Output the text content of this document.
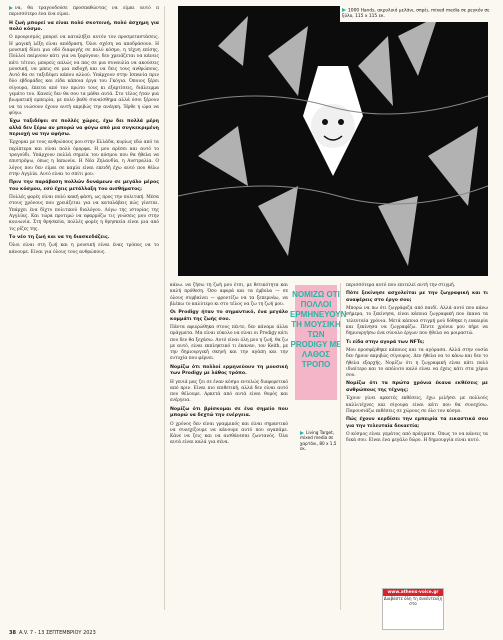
να, θα τραγουδούσε προσπαθώντας να είμαι αυτό π περισσότερο ένα ένα είμαι.

Η ζωή μπορεί να είναι πολύ σκοτεινή, πολύ άσχημη για πολύ κόσμο.

Ο προορισμός μπορεί να καταλήξει αυτόν τον προσμεταστάσεις. Η μαγική λέξη είναι απόδραση. Όλοι σχέση να αποδράσουν. Η μουσική δίνει μια οδό διαφυγής σε πολύ κόσμο, η τέχνη επίσης. Πολλοί παίρνουν κάτι για να ξεφύγουν, δεν χρειάζεται να κάνεις κάτι τέτοιο, μπορείς απλώς να πας σε μια συναυλία να ακούσεις μουσική, να μπεις σε μια εκδοχή και να δεις τους ανθρώπους. Αυτό θα σε ταξιδέψει κάπου αλλού. Υπάρχουν στην Ισπανία πριν δύο εβδομάδες και είδα κάποια έργα του Γκόγια. Όποιος ξέρει σίγουρα, έπειτα από τον πρώτο τους κι εξαρτίσεις, διάλειμμα γεμάτο του. Κανείς δεν θα σου τα μάθει αυτά. Στο τέλος ήταν μια βιωματική εμπειρία, με πολύ βαθύ συναίσθημα αλλά όσοι ξέρουν να τα νιώσουν έχουν αυτή ακριβώς την ανάγκη. Ήρθε η ώρα να φύγω.

Έχω ταξιδέψει σε πολλές χώρες, έχω δει πολλά μέρη αλλά δεν ξέρω αν μπορώ να φύγω από μια συγκεκριμένη περιοχή να την αφήσω.

Έρχομαι με τους ανθρώπους μου στην Ελλάδα, κυρίως εδώ από τα περίπτερα και είναι πολύ όμορφα. Η μου αρέσει και αυτό το τραγούδι. Υπάρχουν πολλά σημεία του κόσμου που θα ήθελα να επιστρέψω, όπως η Ιαπωνία. Η Νέα Ζηλανδία, η Αυστραλία. Ο λόγος που δεν είμαι σε καμία είναι επειδή έχω αυτό που θέλω στην Αγγλία. Αυτό είναι το σπίτι μου.

Πριν την παράβαση πολλών δυνάμεων σε μεγάλο μέρος του κόσμου, εσύ έχεις μετάλλαξη του αισθήματος;

Πολλές φορές είναι πολύ κακή φάση, ως προς την πολιτική. Μέσα στους χρόνους που χρειάζεται για να καταλάβεις πώς γίνεται. Υπάρχει ένα δίχτυ πολιτικού διαλόγου. Λόγω της ιστορίας της Αγγλίας. Και τώρα προτιμώ να εφαρμόζω τις γνώσεις μου στην κοινωνία. Στη θρησκεία, πολλές φορές η θρησκεία είναι μια από τις ρίζες της.

Το νέο τη ζωή και να τη διασκεδάζεις.

Όλοι είναι στη ζωή και η μουσική είναι ένας τρόπος να το κάνουμε. Είναι για όλους τους ανθρώπους.

1000 Hands, ακρυλικό μελάνι, σπρέι, mixed media σε ρεγκόν σε ξύλο, 115 x 115 εκ.

κάνω. να ζήσω τη ζωή μου έτσι, με θετικότητα και καλή πρόθεση. Όσο αφορά και τα έμβολα — σε όλους συμβαίνει — φροντίζω να τα ξεπερνάω, να βλέπω το καλύτερο κι στο τέλος να ζω τη ζωή μου.

Οι Prodigy ήταν το σημαντικό, ένα μεγάλο κομμάτι της ζωής σου.

Πάντα αφιερώθηκα στους πέντε, δεν κάναμε άλλα πράγματα. Μα είναι εύκολο να είναι οι Prodigy κάτι που δεν θα ξεχάσω. Αυτό είναι όλη μου η ζωή, θα ζω με αυτό, είναι εκπληκτικό τι έκαναν, τον Keith, με την δημιουργική σκηνή και την αγάπη και την ευτυχία που φέρνει.

Νομίζω ότι πολλοί ερμηνεύουν τη μουσική των Prodigy με λάθος τρόπο.

Η γενιά μας ζει σε έναν κόσμο εντελώς διαφορετικό από πριν. Είναι πιο επιθετική, αλλά δεν είναι αυτό που θέλουμε. Αρκετά από αυτά είναι θυμός και ενέργεια.

Νομίζω ότι βρίσκομαι σε ένα σημείο που μπορώ να δεχτώ την ενέργεια.

Ο χρόνος δεν είναι γραμμικός και είναι σημαντικό να συνεχίζουμε να κάνουμε αυτό που αγαπάμε. Κάνε να ζεις και να αισθάνεσαι ζωντανός. Όλα αυτά είναι καλά για σένα.

ΝΟΜΙΖΩ ΟΤΙ ΠΟΛΛΟΙ ΕΡΜΗΝΕΥΟΥΝ ΤΗ ΜΟΥΣΙΚΗ ΤΩΝ PRODIGY ΜΕ ΛΑΘΟΣ ΤΡΟΠΟ
Living Target, mixed media σε χαρτόνι, 80 x 1,5 εκ.

περισσότερα αυτό που επιτελεί αυτή την στιγμή.

Πότε ξεκίνησε ασχολείται με την ζωγραφική και τι αναφέρεις στο έργο σου;

Μπορώ να πω ότι ζωγράφιζα από παιδί. Αλλά αυτό που κάνω σήμερα, το ξεκίνησα, είναι κάποια ζωγραφική που έκανα τα τελευταία χρόνια. Μετά κάποια στιγμή μού δόθηκε η ευκαιρία και ξεκίνησα να ζωγραφίζω. Πέντε χρόνια μου πήρε να δημιουργήσω ένα σύνολο έργων που ήθελα να μοιραστώ.

Τι είδα στην αγορά των NFTs;

Μου προσφέρθηκε κάποιος και τα αγόρασα. Αλλά στην ουσία δεν ήμουν ακριβώς σίγουρος. Δεν ήθελα να το κάνω και δεν το ήθελα εξαρχής. Νομίζω ότι η ζωγραφική είναι κάτι πολύ ιδιαίτερο και το απόλυτο καλό είναι να έχεις κάτι στα χέρια σου.

Νομίζω ότι τα πρώτα χρόνια έκανα εκθέσεις με ανθρώπους της τέχνης;

Έχουν γίνει αρκετές εκθέσεις, έχω μιλήσει με πολλούς καλλιτέχνες και σίγουρα είναι κάτι που θα συνεχίσω. Παρουσιάζω εκθέσεις σε χώρους σε όλο τον κόσμο.

Πώς έχουν κερδίσει την εμπειρία τα εικαστικά σου για την τελευταία δεκαετία;

Ο κόσμος είναι γεμάτος από πράγματα. Όπως το να κάνεις τα δικά σου. Είναι ένα μεγάλο δώρο. Η δημιουργία είναι αυτό.

www.athens-voice.gr
Διαβάστε όλη τη συνέντευξη στο
38 A.V. 7 - 13 ΣΕΠΤΕΜΒΡΙΟΥ 2023
